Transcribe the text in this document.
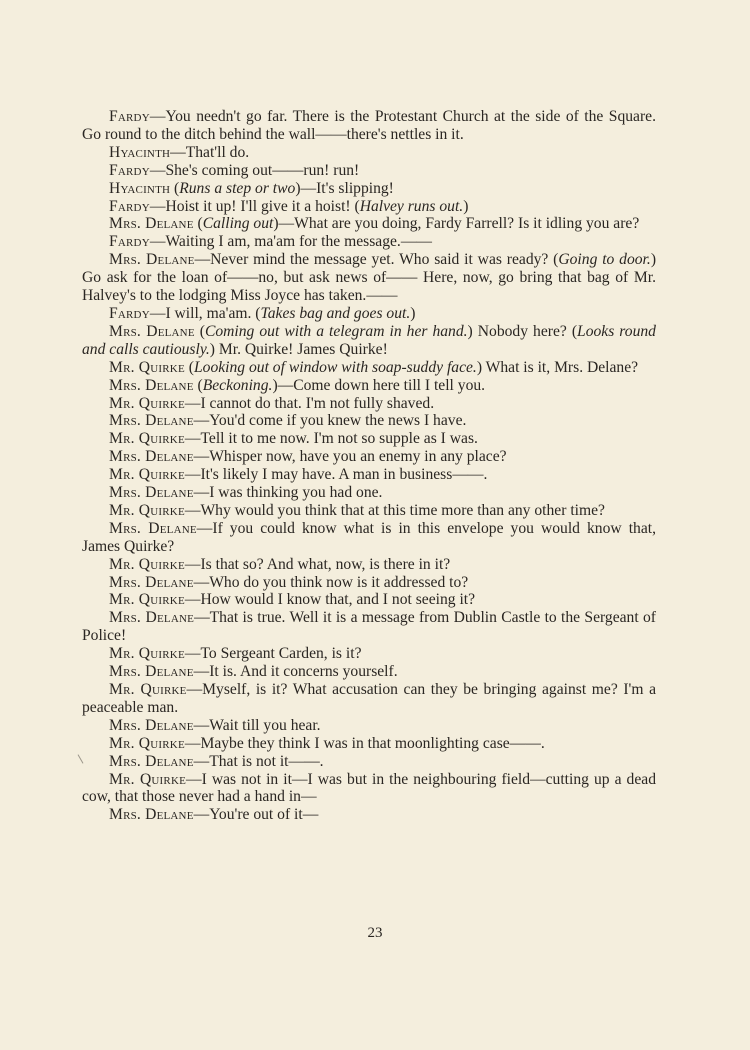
Fardy—You needn't go far. There is the Protestant Church at the side of the Square. Go round to the ditch behind the wall——there's nettles in it.

Hyacinth—That'll do.

Fardy—She's coming out——run! run!

Hyacinth (Runs a step or two)—It's slipping!

Fardy—Hoist it up! I'll give it a hoist! (Halvey runs out.)

Mrs. Delane (Calling out)—What are you doing, Fardy Farrell? Is it idling you are?

Fardy—Waiting I am, ma'am for the message.——

Mrs. Delane—Never mind the message yet. Who said it was ready? (Going to door.) Go ask for the loan of——no, but ask news of—— Here, now, go bring that bag of Mr. Halvey's to the lodging Miss Joyce has taken.——

Fardy—I will, ma'am. (Takes bag and goes out.)

Mrs. Delane (Coming out with a telegram in her hand.) Nobody here? (Looks round and calls cautiously.) Mr. Quirke! James Quirke!

Mr. Quirke (Looking out of window with soap-suddy face.) What is it, Mrs. Delane?

Mrs. Delane (Beckoning.)—Come down here till I tell you.

Mr. Quirke—I cannot do that. I'm not fully shaved.

Mrs. Delane—You'd come if you knew the news I have.

Mr. Quirke—Tell it to me now. I'm not so supple as I was.

Mrs. Delane—Whisper now, have you an enemy in any place?

Mr. Quirke—It's likely I may have. A man in business——.

Mrs. Delane—I was thinking you had one.

Mr. Quirke—Why would you think that at this time more than any other time?

Mrs. Delane—If you could know what is in this envelope you would know that, James Quirke?

Mr. Quirke—Is that so? And what, now, is there in it?

Mrs. Delane—Who do you think now is it addressed to?

Mr. Quirke—How would I know that, and I not seeing it?

Mrs. Delane—That is true. Well it is a message from Dublin Castle to the Sergeant of Police!

Mr. Quirke—To Sergeant Carden, is it?

Mrs. Delane—It is. And it concerns yourself.

Mr. Quirke—Myself, is it? What accusation can they be bringing against me? I'm a peaceable man.

Mrs. Delane—Wait till you hear.

Mr. Quirke—Maybe they think I was in that moonlighting case——.

Mrs. Delane—That is not it——.

Mr. Quirke—I was not in it—I was but in the neighbouring field—cutting up a dead cow, that those never had a hand in—

Mrs. Delane—You're out of it—

23
